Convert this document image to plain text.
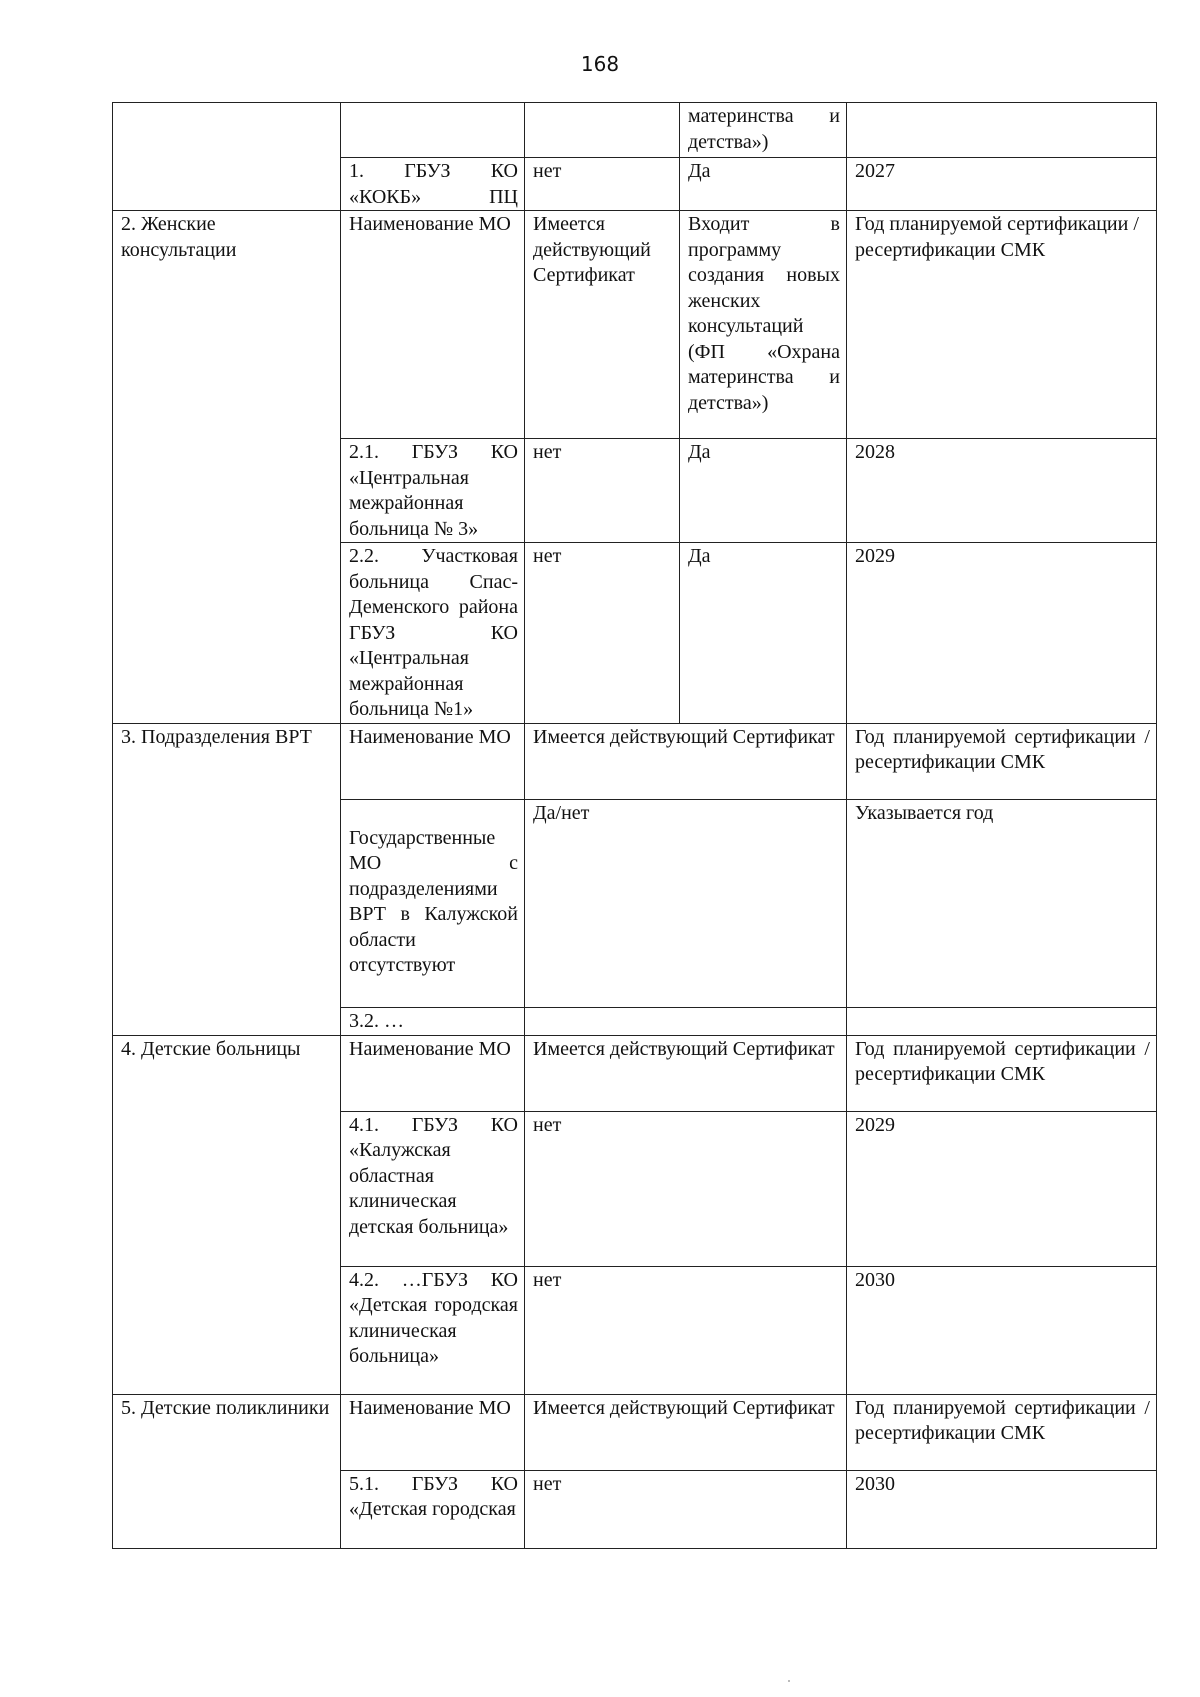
168
			материнства и детства»)	
	1. ГБУЗ КО «КОКБ» ПЦ	нет	Да	2027
2. Женские консультации	Наименование МО	Имеется действующий Сертификат	Входит в программу создания новых женских консультаций (ФП «Охрана материнства и детства»)	Год планируемой сертификации / ресертификации СМК
	2.1. ГБУЗ КО «Центральная межрайонная больница № 3»	нет	Да	2028
	2.2. Участковая больница Спас-Деменского района ГБУЗ КО «Центральная межрайонная больница №1»	нет	Да	2029
3. Подразделения ВРТ	Наименование МО	Имеется действующий Сертификат		Год планируемой сертификации / ресертификации СМК
	Государственные МО с подразделениями ВРТ в Калужской области отсутствуют	Да/нет		Указывается год
	3.2. …			
4. Детские больницы	Наименование МО	Имеется действующий Сертификат		Год планируемой сертификации / ресертификации СМК
	4.1. ГБУЗ КО «Калужская областная клиническая детская больница»	нет		2029
	4.2. …ГБУЗ КО «Детская городская клиническая больница»	нет		2030
5. Детские поликлиники	Наименование МО	Имеется действующий Сертификат		Год планируемой сертификации / ресертификации СМК
	5.1. ГБУЗ КО «Детская городская	нет		2030
